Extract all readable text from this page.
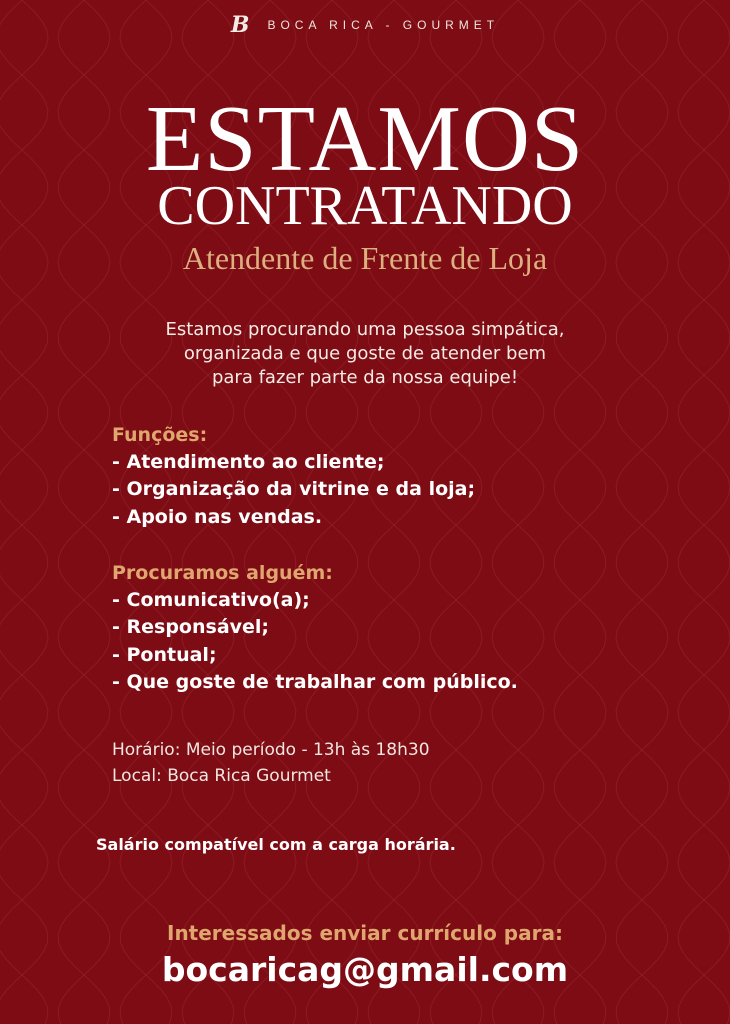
B BOCA RICA - GOURMET
ESTAMOS
CONTRATANDO
Atendente de Frente de Loja
Estamos procurando uma pessoa simpática,
organizada e que goste de atender bem
para fazer parte da nossa equipe!
Funções:
- Atendimento ao cliente;
- Organização da vitrine e da loja;
- Apoio nas vendas.
Procuramos alguém:
- Comunicativo(a);
- Responsável;
- Pontual;
- Que goste de trabalhar com público.
Horário: Meio período - 13h às 18h30
Local: Boca Rica Gourmet
Salário compatível com a carga horária.
Interessados enviar currículo para:
bocaricag@gmail.com
